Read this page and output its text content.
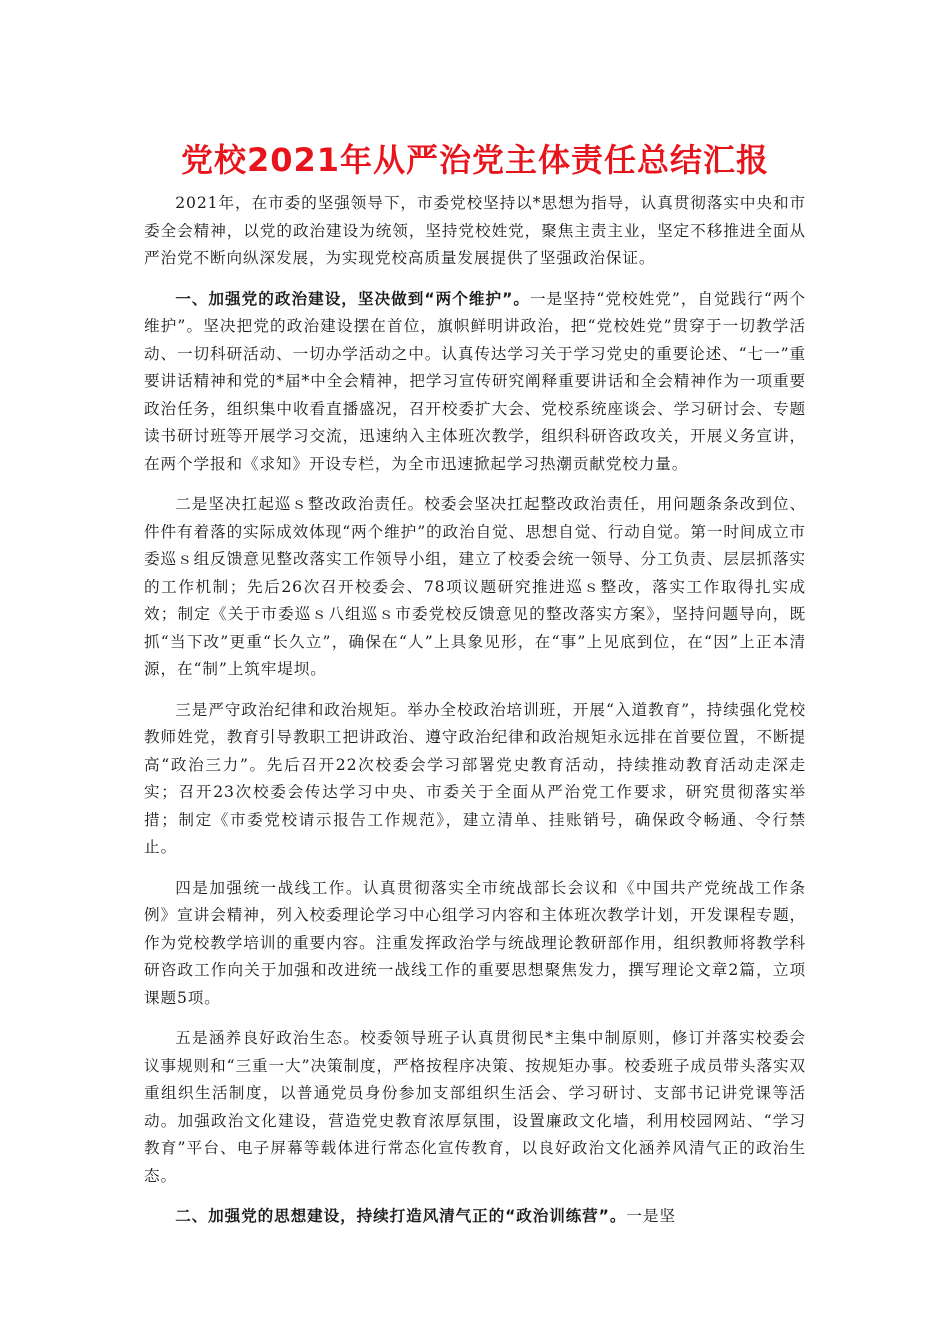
党校2021年从严治党主体责任总结汇报

2021年，在市委的坚强领导下，市委党校坚持以*思想为指导，认真贯彻落实中央和市委全会精神，以党的政治建设为统领，坚持党校姓党，聚焦主责主业，坚定不移推进全面从严治党不断向纵深发展，为实现党校高质量发展提供了坚强政治保证。

一、加强党的政治建设，坚决做到“两个维护”。一是坚持“党校姓党”，自觉践行“两个维护”。坚决把党的政治建设摆在首位，旗帜鲜明讲政治，把“党校姓党”贯穿于一切教学活动、一切科研活动、一切办学活动之中。认真传达学习关于学习党史的重要论述、“七一”重要讲话精神和党的*届*中全会精神，把学习宣传研究阐释重要讲话和全会精神作为一项重要政治任务，组织集中收看直播盛况，召开校委扩大会、党校系统座谈会、学习研讨会、专题读书研讨班等开展学习交流，迅速纳入主体班次教学，组织科研咨政攻关，开展义务宣讲，在两个学报和《求知》开设专栏，为全市迅速掀起学习热潮贡献党校力量。

二是坚决扛起巡ｓ整改政治责任。校委会坚决扛起整改政治责任，用问题条条改到位、件件有着落的实际成效体现“两个维护”的政治自觉、思想自觉、行动自觉。第一时间成立市委巡ｓ组反馈意见整改落实工作领导小组，建立了校委会统一领导、分工负责、层层抓落实的工作机制；先后26次召开校委会、78项议题研究推进巡ｓ整改，落实工作取得扎实成效；制定《关于市委巡ｓ八组巡ｓ市委党校反馈意见的整改落实方案》，坚持问题导向，既抓“当下改”更重“长久立”，确保在“人”上具象见形，在“事”上见底到位，在“因”上正本清源，在“制”上筑牢堤坝。

三是严守政治纪律和政治规矩。举办全校政治培训班，开展“入道教育”，持续强化党校教师姓党，教育引导教职工把讲政治、遵守政治纪律和政治规矩永远排在首要位置，不断提高“政治三力”。先后召开22次校委会学习部署党史教育活动，持续推动教育活动走深走实；召开23次校委会传达学习中央、市委关于全面从严治党工作要求，研究贯彻落实举措；制定《市委党校请示报告工作规范》，建立清单、挂账销号，确保政令畅通、令行禁止。

四是加强统一战线工作。认真贯彻落实全市统战部长会议和《中国共产党统战工作条例》宣讲会精神，列入校委理论学习中心组学习内容和主体班次教学计划，开发课程专题，作为党校教学培训的重要内容。注重发挥政治学与统战理论教研部作用，组织教师将教学科研咨政工作向关于加强和改进统一战线工作的重要思想聚焦发力，撰写理论文章2篇，立项课题5项。

五是涵养良好政治生态。校委领导班子认真贯彻民*主集中制原则，修订并落实校委会议事规则和“三重一大”决策制度，严格按程序决策、按规矩办事。校委班子成员带头落实双重组织生活制度，以普通党员身份参加支部组织生活会、学习研讨、支部书记讲党课等活动。加强政治文化建设，营造党史教育浓厚氛围，设置廉政文化墙，利用校园网站、“学习教育”平台、电子屏幕等载体进行常态化宣传教育，以良好政治文化涵养风清气正的政治生态。

二、加强党的思想建设，持续打造风清气正的“政治训练营”。一是坚
